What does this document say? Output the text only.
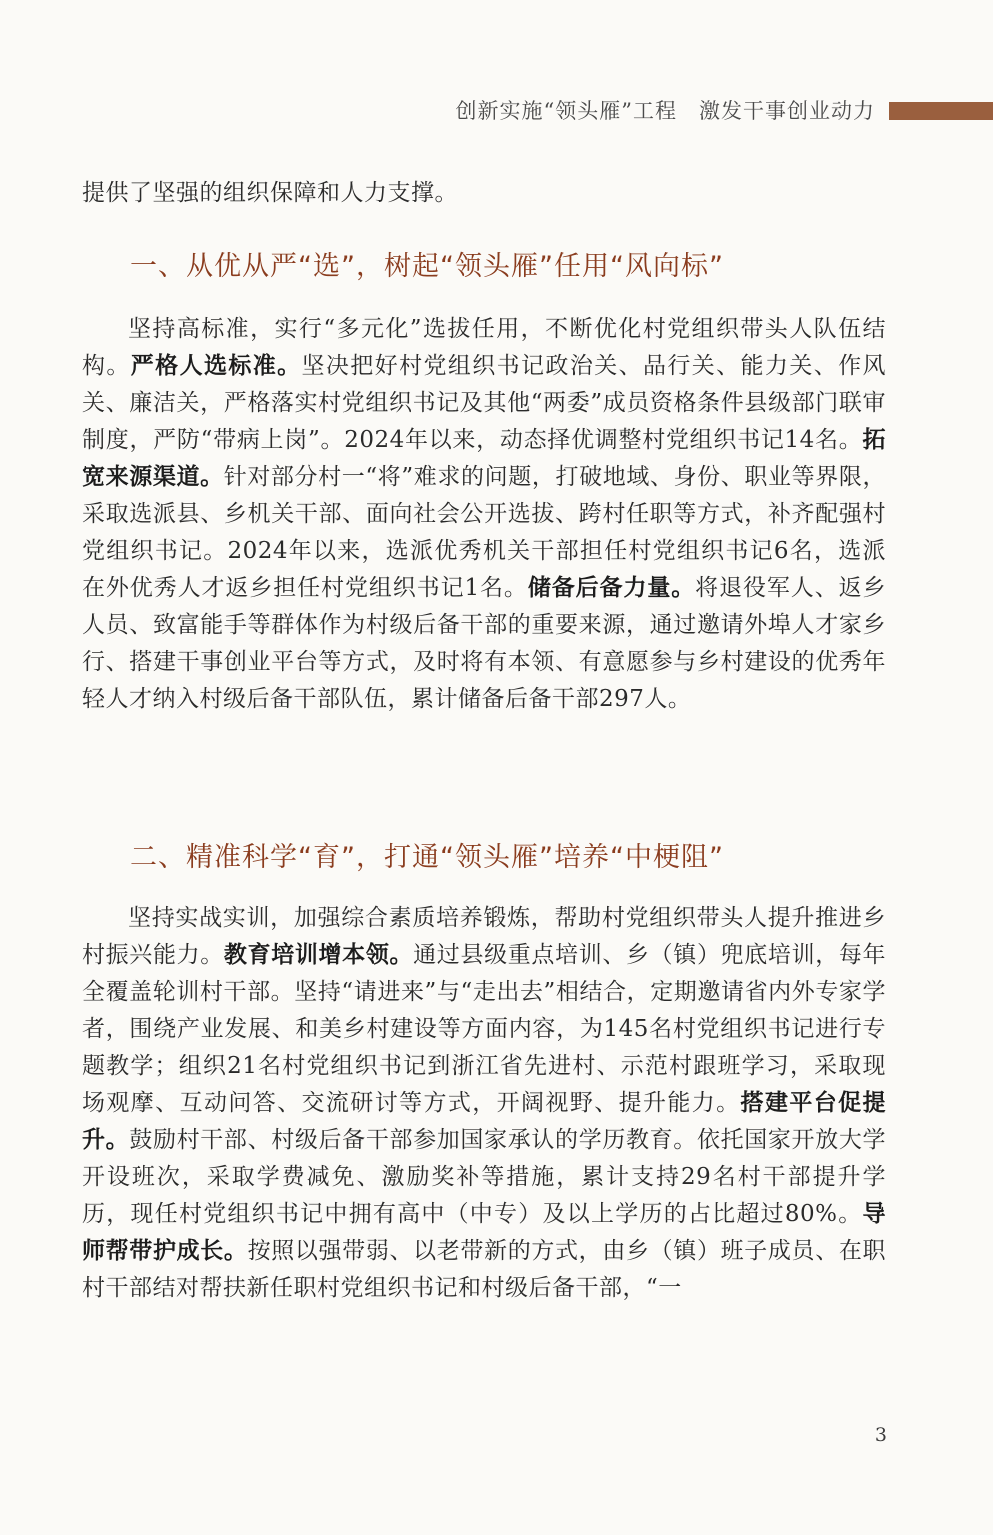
创新实施“领头雁”工程　激发干事创业动力

提供了坚强的组织保障和人力支撑。

一、从优从严“选”，树起“领头雁”任用“风向标”

坚持高标准，实行“多元化”选拔任用，不断优化村党组织带头人队伍结构。严格人选标准。坚决把好村党组织书记政治关、品行关、能力关、作风关、廉洁关，严格落实村党组织书记及其他“两委”成员资格条件县级部门联审制度，严防“带病上岗”。2024年以来，动态择优调整村党组织书记14名。拓宽来源渠道。针对部分村一“将”难求的问题，打破地域、身份、职业等界限，采取选派县、乡机关干部、面向社会公开选拔、跨村任职等方式，补齐配强村党组织书记。2024年以来，选派优秀机关干部担任村党组织书记6名，选派在外优秀人才返乡担任村党组织书记1名。储备后备力量。将退役军人、返乡人员、致富能手等群体作为村级后备干部的重要来源，通过邀请外埠人才家乡行、搭建干事创业平台等方式，及时将有本领、有意愿参与乡村建设的优秀年轻人才纳入村级后备干部队伍，累计储备后备干部297人。

二、精准科学“育”，打通“领头雁”培养“中梗阻”

坚持实战实训，加强综合素质培养锻炼，帮助村党组织带头人提升推进乡村振兴能力。教育培训增本领。通过县级重点培训、乡（镇）兜底培训，每年全覆盖轮训村干部。坚持“请进来”与“走出去”相结合，定期邀请省内外专家学者，围绕产业发展、和美乡村建设等方面内容，为145名村党组织书记进行专题教学；组织21名村党组织书记到浙江省先进村、示范村跟班学习，采取现场观摩、互动问答、交流研讨等方式，开阔视野、提升能力。搭建平台促提升。鼓励村干部、村级后备干部参加国家承认的学历教育。依托国家开放大学开设班次，采取学费减免、激励奖补等措施，累计支持29名村干部提升学历，现任村党组织书记中拥有高中（中专）及以上学历的占比超过80%。导师帮带护成长。按照以强带弱、以老带新的方式，由乡（镇）班子成员、在职村干部结对帮扶新任职村党组织书记和村级后备干部，“一

3
